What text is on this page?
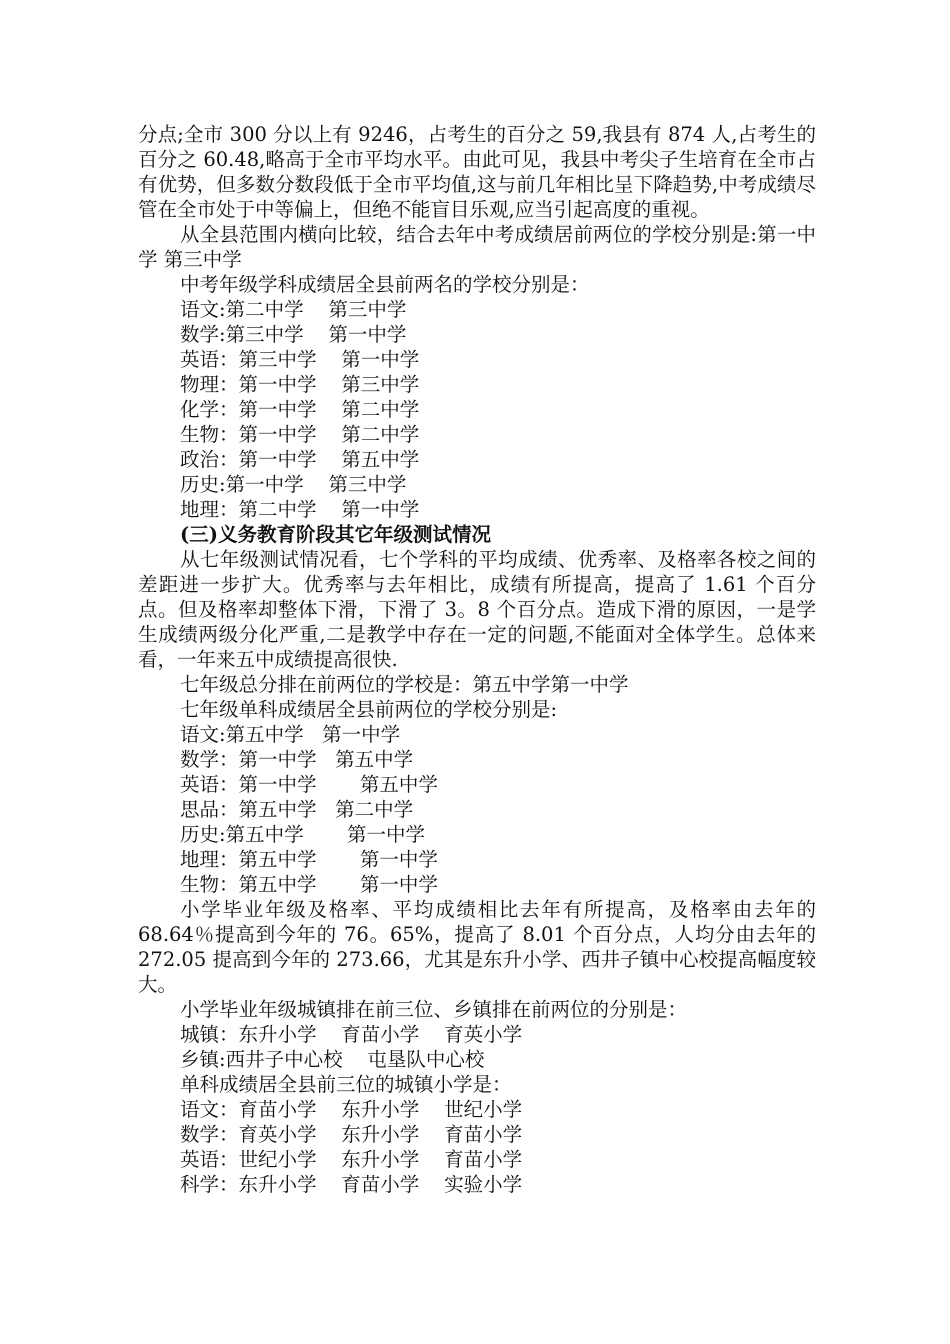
分点;全市 300 分以上有 9246，占考生的百分之 59,我县有 874 人,占考生的百分之 60.48,略高于全市平均水平。由此可见，我县中考尖子生培育在全市占有优势，但多数分数段低于全市平均值,这与前几年相比呈下降趋势,中考成绩尽管在全市处于中等偏上，但绝不能盲目乐观,应当引起高度的重视。

从全县范围内横向比较，结合去年中考成绩居前两位的学校分别是:第一中学 第三中学

中考年级学科成绩居全县前两名的学校分别是：

语文:第二中学    第三中学

数学:第三中学    第一中学

英语：第三中学    第一中学

物理：第一中学    第三中学

化学：第一中学    第二中学

生物：第一中学    第二中学

政治：第一中学    第五中学

历史:第一中学    第三中学

地理：第二中学    第一中学

(三)义务教育阶段其它年级测试情况

从七年级测试情况看，七个学科的平均成绩、优秀率、及格率各校之间的差距进一步扩大。优秀率与去年相比，成绩有所提高，提高了 1.61 个百分点。但及格率却整体下滑，下滑了 3。8 个百分点。造成下滑的原因，一是学生成绩两级分化严重,二是教学中存在一定的问题,不能面对全体学生。总体来看，一年来五中成绩提高很快.

七年级总分排在前两位的学校是：第五中学第一中学

七年级单科成绩居全县前两位的学校分别是:

语文:第五中学   第一中学

数学：第一中学   第五中学

英语：第一中学       第五中学

思品：第五中学   第二中学

历史:第五中学       第一中学

地理：第五中学       第一中学

生物：第五中学       第一中学

小学毕业年级及格率、平均成绩相比去年有所提高，及格率由去年的 68.64％提高到今年的 76。65%，提高了 8.01 个百分点，人均分由去年的 272.05 提高到今年的 273.66，尤其是东升小学、西井子镇中心校提高幅度较大。

小学毕业年级城镇排在前三位、乡镇排在前两位的分别是：

城镇：东升小学    育苗小学    育英小学

乡镇:西井子中心校    屯垦队中心校

单科成绩居全县前三位的城镇小学是：

语文：育苗小学    东升小学    世纪小学

数学：育英小学    东升小学    育苗小学

英语：世纪小学    东升小学    育苗小学

科学：东升小学    育苗小学    实验小学
